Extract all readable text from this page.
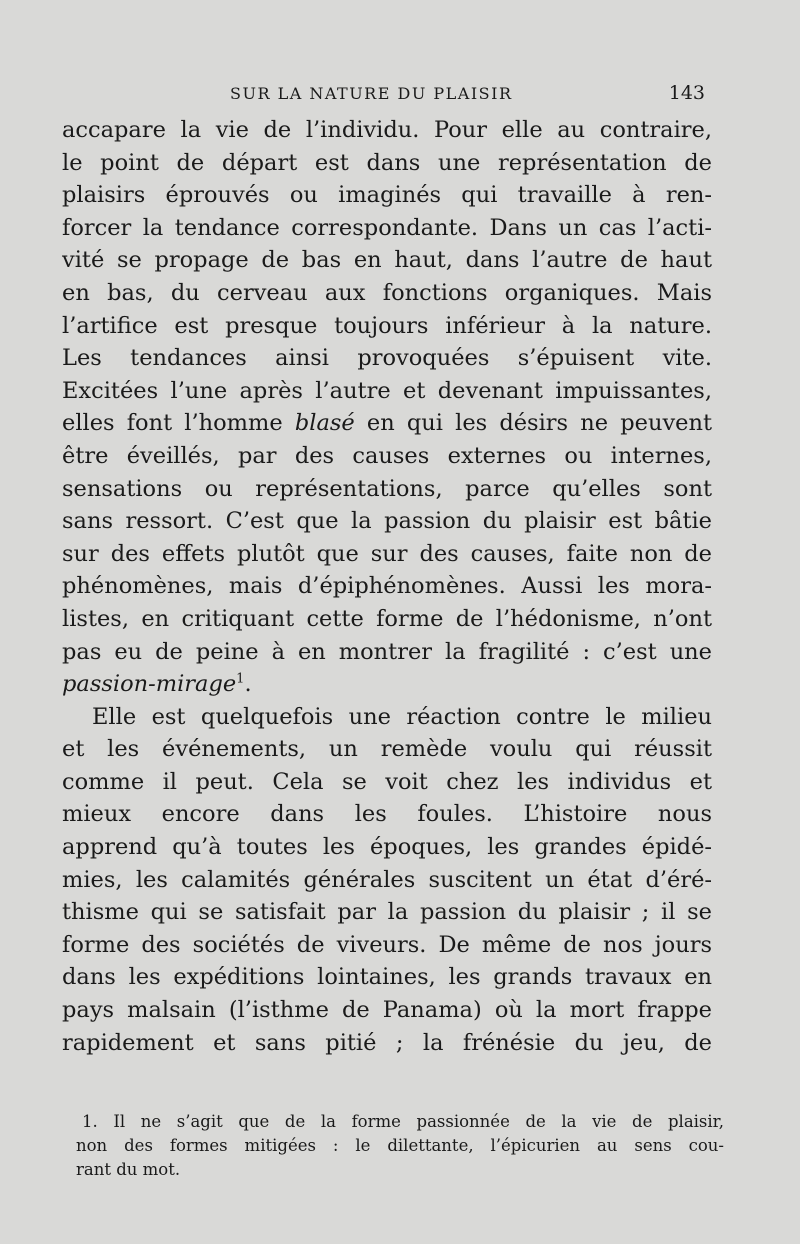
SUR LA NATURE DU PLAISIR	143
accapare la vie de l’individu. Pour elle au contraire,
le point de départ est dans une représentation de
plaisirs éprouvés ou imaginés qui travaille à ren-
forcer la tendance correspondante. Dans un cas l’acti-
vité se propage de bas en haut, dans l’autre de haut
en bas, du cerveau aux fonctions organiques. Mais
l’artifice est presque toujours inférieur à la nature.
Les tendances ainsi provoquées s’épuisent vite.
Excitées l’une après l’autre et devenant impuissantes,
elles font l’homme blasé en qui les désirs ne peuvent
être éveillés, par des causes externes ou internes,
sensations ou représentations, parce qu’elles sont
sans ressort. C’est que la passion du plaisir est bâtie
sur des effets plutôt que sur des causes, faite non de
phénomènes, mais d’épiphénomènes. Aussi les mora-
listes, en critiquant cette forme de l’hédonisme, n’ont
pas eu de peine à en montrer la fragilité : c’est une
passion-mirage$^1$.
Elle est quelquefois une réaction contre le milieu
et les événements, un remède voulu qui réussit
comme il peut. Cela se voit chez les individus et
mieux encore dans les foules. L’histoire nous
apprend qu’à toutes les époques, les grandes épidé-
mies, les calamités générales suscitent un état d’éré-
thisme qui se satisfait par la passion du plaisir ; il se
forme des sociétés de viveurs. De même de nos jours
dans les expéditions lointaines, les grands travaux en
pays malsain (l’isthme de Panama) où la mort frappe
rapidement et sans pitié ; la frénésie du jeu, de
1. Il ne s’agit que de la forme passionnée de la vie de plaisir,
non des formes mitigées : le dilettante, l’épicurien au sens cou-
rant du mot.
